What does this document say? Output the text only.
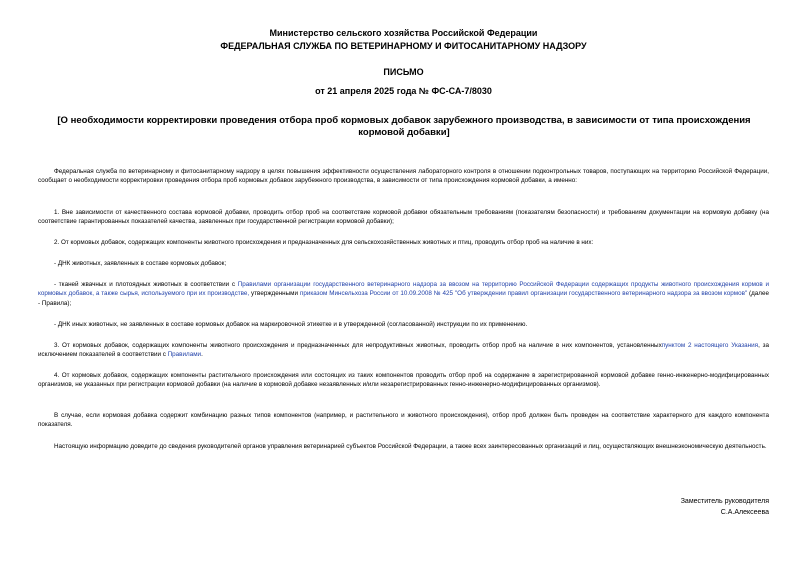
Министерство сельского хозяйства Российской Федерации
ФЕДЕРАЛЬНАЯ СЛУЖБА ПО ВЕТЕРИНАРНОМУ И ФИТОСАНИТАРНОМУ НАДЗОРУ
ПИСЬМО
от 21 апреля 2025 года № ФС-СА-7/8030
[О необходимости корректировки проведения отбора проб кормовых добавок зарубежного производства, в зависимости от типа происхождения кормовой добавки]
Федеральная служба по ветеринарному и фитосанитарному надзору в целях повышения эффективности осуществления лабораторного контроля в отношении подконтрольных товаров, поступающих на территорию Российской Федерации, сообщает о необходимости корректировки проведения отбора проб кормовых добавок зарубежного производства, в зависимости от типа происхождения кормовой добавки, а именно:
1. Вне зависимости от качественного состава кормовой добавки, проводить отбор проб на соответствие кормовой добавки обязательным требованиям (показателям безопасности) и требованиям документации на кормовую добавку (на соответствие гарантированных показателей качества, заявленных при государственной регистрации кормовой добавки);
2. От кормовых добавок, содержащих компоненты животного происхождения и предназначенных для сельскохозяйственных животных и птиц, проводить отбор проб на наличие в них:
- ДНК животных, заявленных в составе кормовых добавок;
- тканей жвачных и плотоядных животных в соответствии с Правилами организации государственного ветеринарного надзора за ввозом на территорию Российской Федерации содержащих продукты животного происхождения кормов и кормовых добавок, а также сырья, используемого при их производстве, утвержденными приказом Минсельхоза России от 10.09.2008 № 425 "Об утверждении правил организации государственного ветеринарного надзора за ввозом кормов" (далее - Правила);
- ДНК иных животных, не заявленных в составе кормовых добавок на маркировочной этикетке и в утвержденной (согласованной) инструкции по их применению.
3. От кормовых добавок, содержащих компоненты животного происхождения и предназначенных для непродуктивных животных, проводить отбор проб на наличие в них компонентов, установленныхпунктом 2 настоящего Указания, за исключением показателей в соответствии с Правилами.
4. От кормовых добавок, содержащих компоненты растительного происхождения или состоящих из таких компонентов проводить отбор проб на содержание в зарегистрированной кормовой добавке генно-инженерно-модифицированных организмов, не указанных при регистрации кормовой добавки (на наличие в кормовой добавке незаявленных и/или незарегистрированных генно-инженерно-модифицированных организмов).
В случае, если кормовая добавка содержит комбинацию разных типов компонентов (например, и растительного и животного происхождения), отбор проб должен быть проведен на соответствие характерного для каждого компонента показателя.
Настоящую информацию доведите до сведения руководителей органов управления ветеринарией субъектов Российской Федерации, а также всех заинтересованных организаций и лиц, осуществляющих внешнеэкономическую деятельность.
Заместитель руководителя
С.А.Алексеева
